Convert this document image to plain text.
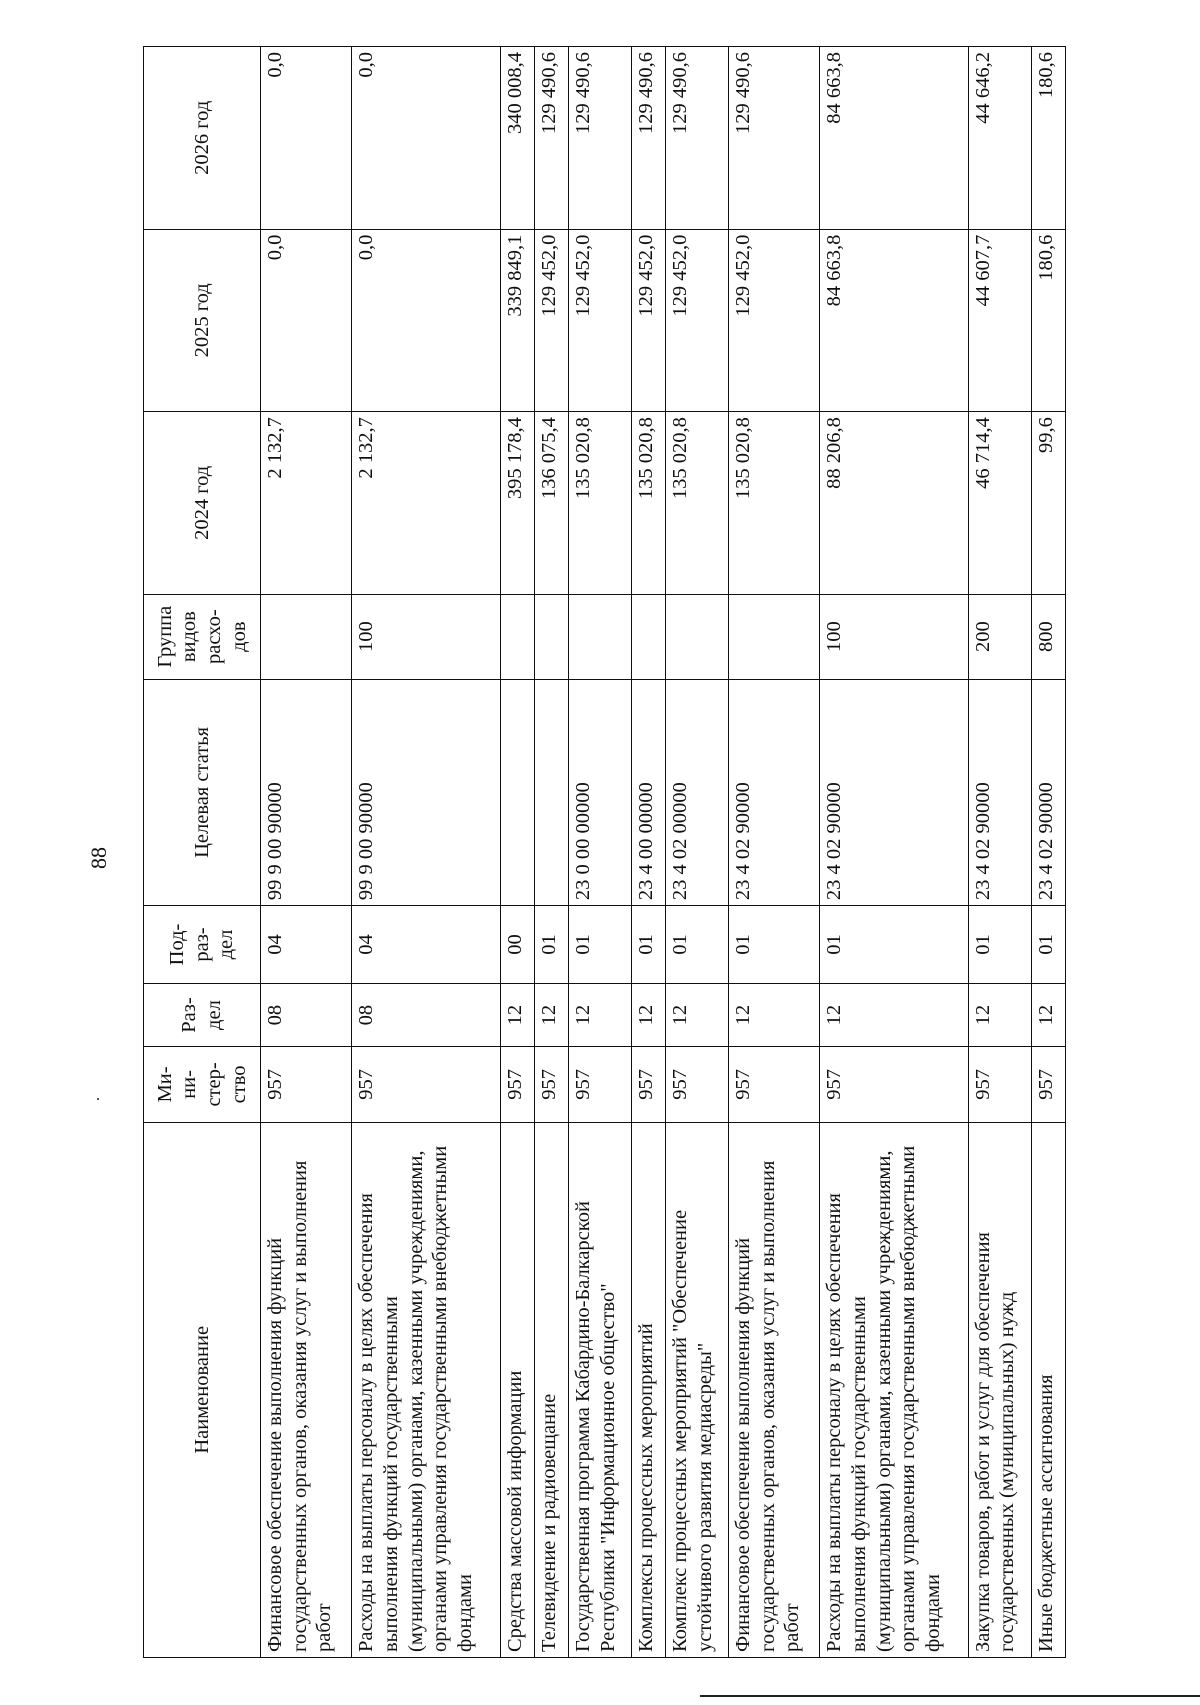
88
Наименование	Ми-
ни-
стер-
ство	Раз-
дел	Под-
раз-
дел	Целевая статья	Группа
видов
расхо-
дов	2024 год	2025 год	2026 год
Финансовое обеспечение выполнения функций государственных органов, оказания услуг и выполнения работ	957	08	04	99 9 00 90000		2 132,7	0,0	0,0
Расходы на выплаты персоналу в целях обеспечения выполнения функций государственными (муниципальными) органами, казенными учреждениями, органами управления государственными внебюджетными фондами	957	08	04	99 9 00 90000	100	2 132,7	0,0	0,0
Средства массовой информации	957	12	00			395 178,4	339 849,1	340 008,4
Телевидение и радиовещание	957	12	01			136 075,4	129 452,0	129 490,6
Государственная программа Кабардино-Балкарской Республики "Информационное общество"	957	12	01	23 0 00 00000		135 020,8	129 452,0	129 490,6
Комплексы процессных мероприятий	957	12	01	23 4 00 00000		135 020,8	129 452,0	129 490,6
Комплекс процессных мероприятий "Обеспечение устойчивого развития медиасреды"	957	12	01	23 4 02 00000		135 020,8	129 452,0	129 490,6
Финансовое обеспечение выполнения функций государственных органов, оказания услуг и выполнения работ	957	12	01	23 4 02 90000		135 020,8	129 452,0	129 490,6
Расходы на выплаты персоналу в целях обеспечения выполнения функций государственными (муниципальными) органами, казенными учреждениями, органами управления государственными внебюджетными фондами	957	12	01	23 4 02 90000	100	88 206,8	84 663,8	84 663,8
Закупка товаров, работ и услуг для обеспечения государственных (муниципальных) нужд	957	12	01	23 4 02 90000	200	46 714,4	44 607,7	44 646,2
Иные бюджетные ассигнования	957	12	01	23 4 02 90000	800	99,6	180,6	180,6
